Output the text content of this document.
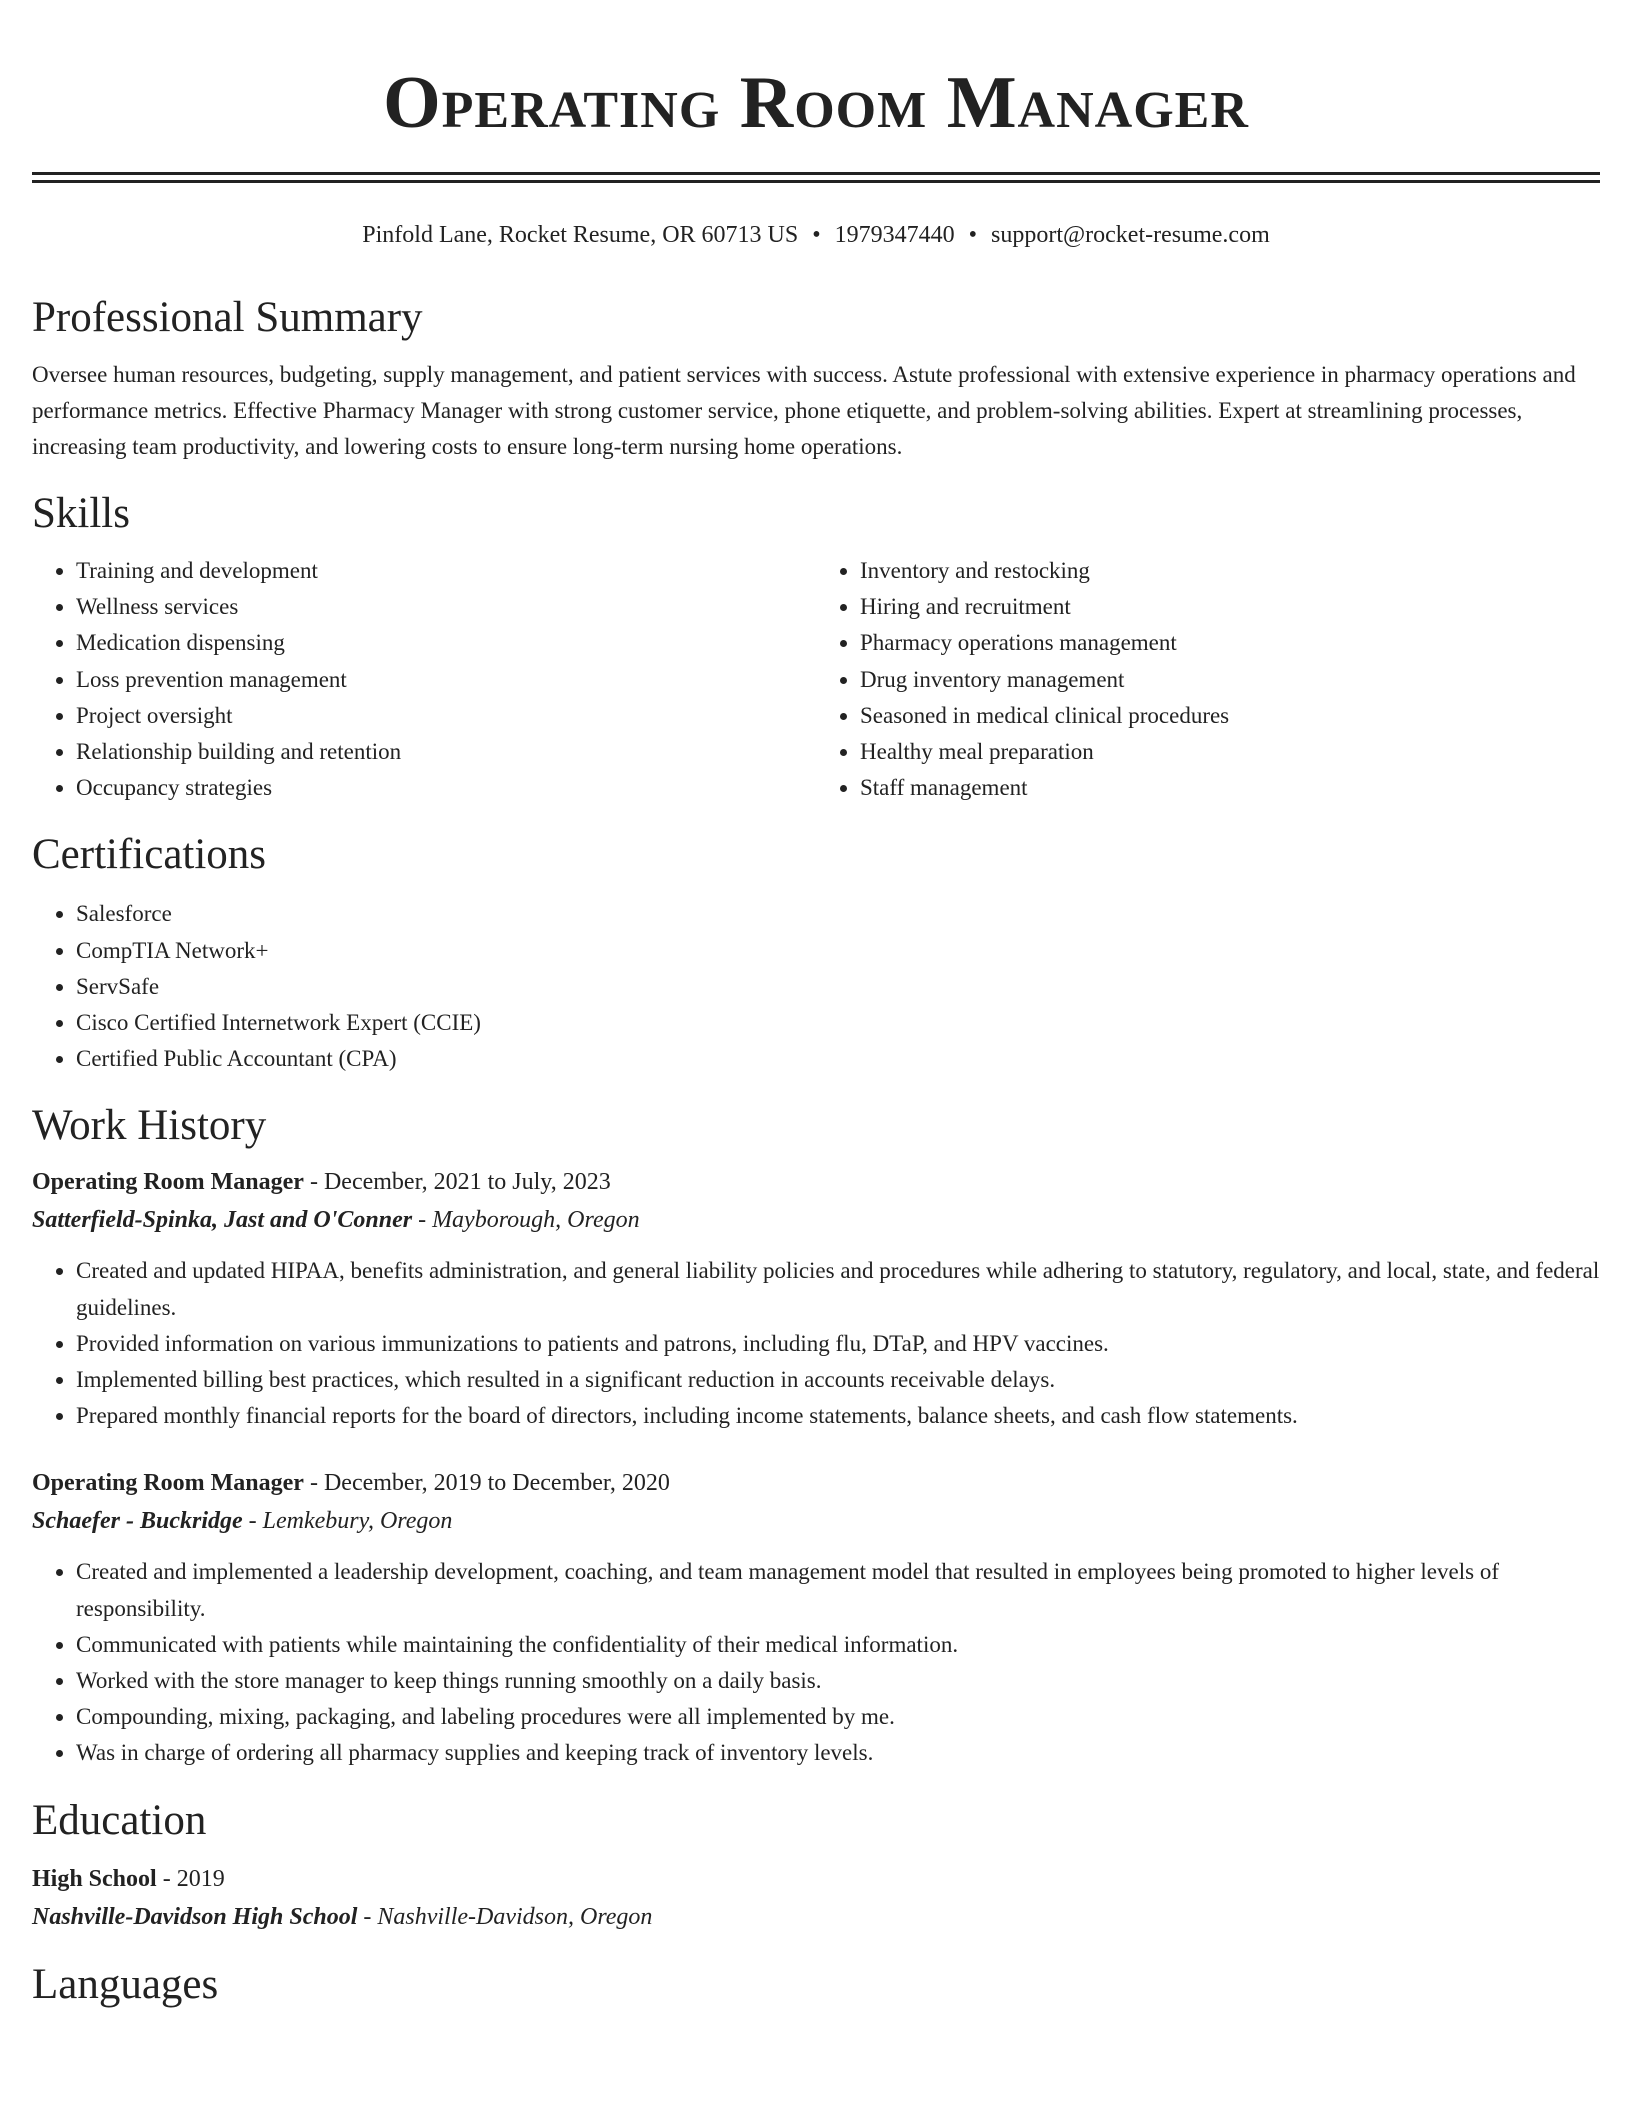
Operating Room Manager
Pinfold Lane, Rocket Resume, OR 60713 US • 1979347440 • support@rocket-resume.com
Professional Summary

Oversee human resources, budgeting, supply management, and patient services with success. Astute professional with extensive experience in pharmacy operations and performance metrics. Effective Pharmacy Manager with strong customer service, phone etiquette, and problem-solving abilities. Expert at streamlining processes, increasing team productivity, and lowering costs to ensure long-term nursing home operations.

Skills
• Training and development
• Wellness services
• Medication dispensing
• Loss prevention management
• Project oversight
• Relationship building and retention
• Occupancy strategies
• Inventory and restocking
• Hiring and recruitment
• Pharmacy operations management
• Drug inventory management
• Seasoned in medical clinical procedures
• Healthy meal preparation
• Staff management
Certifications
• Salesforce
• CompTIA Network+
• ServSafe
• Cisco Certified Internetwork Expert (CCIE)
• Certified Public Accountant (CPA)
Work History
Operating Room Manager - December, 2021 to July, 2023
Satterfield-Spinka, Jast and O'Conner - Mayborough, Oregon
• Created and updated HIPAA, benefits administration, and general liability policies and procedures while adhering to statutory, regulatory, and local, state, and federal guidelines.
• Provided information on various immunizations to patients and patrons, including flu, DTaP, and HPV vaccines.
• Implemented billing best practices, which resulted in a significant reduction in accounts receivable delays.
• Prepared monthly financial reports for the board of directors, including income statements, balance sheets, and cash flow statements.
Operating Room Manager - December, 2019 to December, 2020
Schaefer - Buckridge - Lemkebury, Oregon
• Created and implemented a leadership development, coaching, and team management model that resulted in employees being promoted to higher levels of responsibility.
• Communicated with patients while maintaining the confidentiality of their medical information.
• Worked with the store manager to keep things running smoothly on a daily basis.
• Compounding, mixing, packaging, and labeling procedures were all implemented by me.
• Was in charge of ordering all pharmacy supplies and keeping track of inventory levels.
Education
High School - 2019
Nashville-Davidson High School - Nashville-Davidson, Oregon
Languages
